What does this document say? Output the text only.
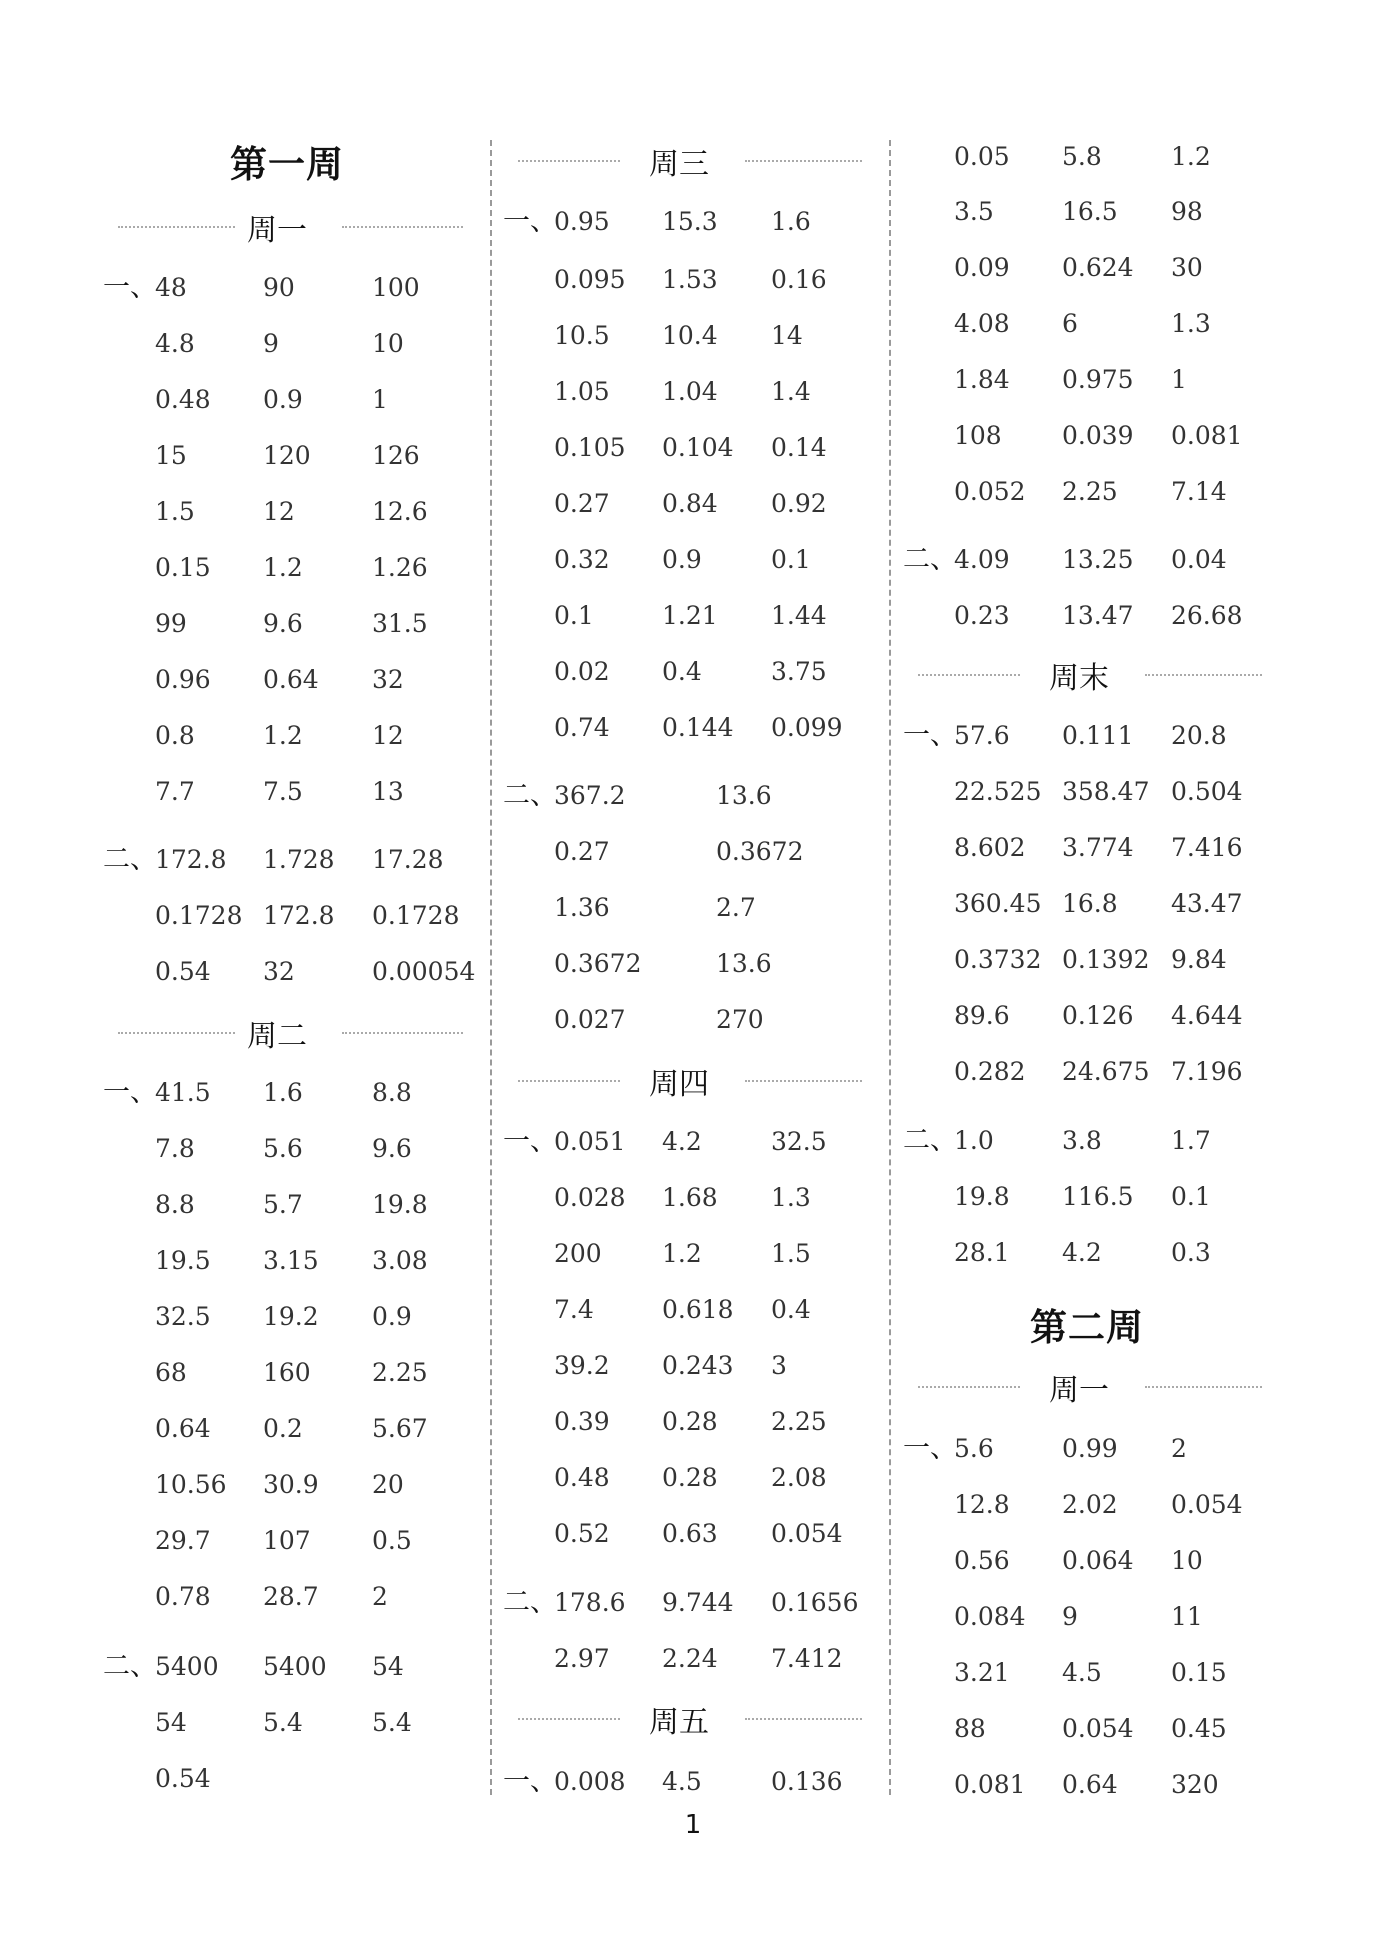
第一周
周一
一、
48	90	100
4.8	9	10
0.48 0.9	1
15	120 126
1.5	12	12.6
0.15 1.2	1.26
99	9.6	31.5
0.96 0.64 32
0.8	1.2	12
7.7	7.5	13
二、
172.8 1.728 17.28
0.1728 172.8 0.1728
0.54 32	0.00054
周二
一、
41.5 1.6	8.8
7.8	5.6	9.6
8.8	5.7	19.8
19.5 3.15 3.08
32.5 19.2 0.9
68	160 2.25
0.64 0.2	5.67
10.56 30.9 20
29.7 107 0.5
0.78 28.7 2
二、
5400 5400 54
54	5.4	5.4
0.54
周三
一、
0.95 15.3 1.6
0.095 1.53 0.16
10.5 10.4 14
1.05 1.04 1.4
0.105 0.104 0.14
0.27 0.84 0.92
0.32 0.9	0.1
0.1	1.21 1.44
0.02 0.4	3.75
0.74 0.144 0.099
二、
367.2	13.6
0.27	0.3672
1.36	2.7
0.3672	13.6
0.027	270
周四
一、
0.051 4.2	32.5
0.028 1.68 1.3
200 1.2	1.5
7.4	0.618 0.4
39.2 0.243 3
0.39 0.28 2.25
0.48 0.28 2.08
0.52 0.63 0.054
二、
178.6 9.744 0.1656
2.97 2.24 7.412
周五
一、
0.008 4.5	0.136
0.05 5.8	1.2
3.5	16.5 98
0.09 0.624 30
4.08 6	1.3
1.84 0.975 1
108 0.039 0.081
0.052 2.25 7.14
二、
4.09 13.25 0.04
0.23 13.47 26.68
周末
一、
57.6 0.111 20.8
22.525 358.47 0.504
8.602 3.774 7.416
360.45 16.8 43.47
0.3732 0.1392 9.84
89.6 0.126 4.644
0.282 24.675 7.196
二、
1.0	3.8	1.7
19.8 116.5 0.1
28.1 4.2	0.3
第二周
周一
一、
5.6	0.99 2
12.8 2.02 0.054
0.56 0.064 10
0.084 9	11
3.21 4.5	0.15
88	0.054 0.45
0.081 0.64 320
1
